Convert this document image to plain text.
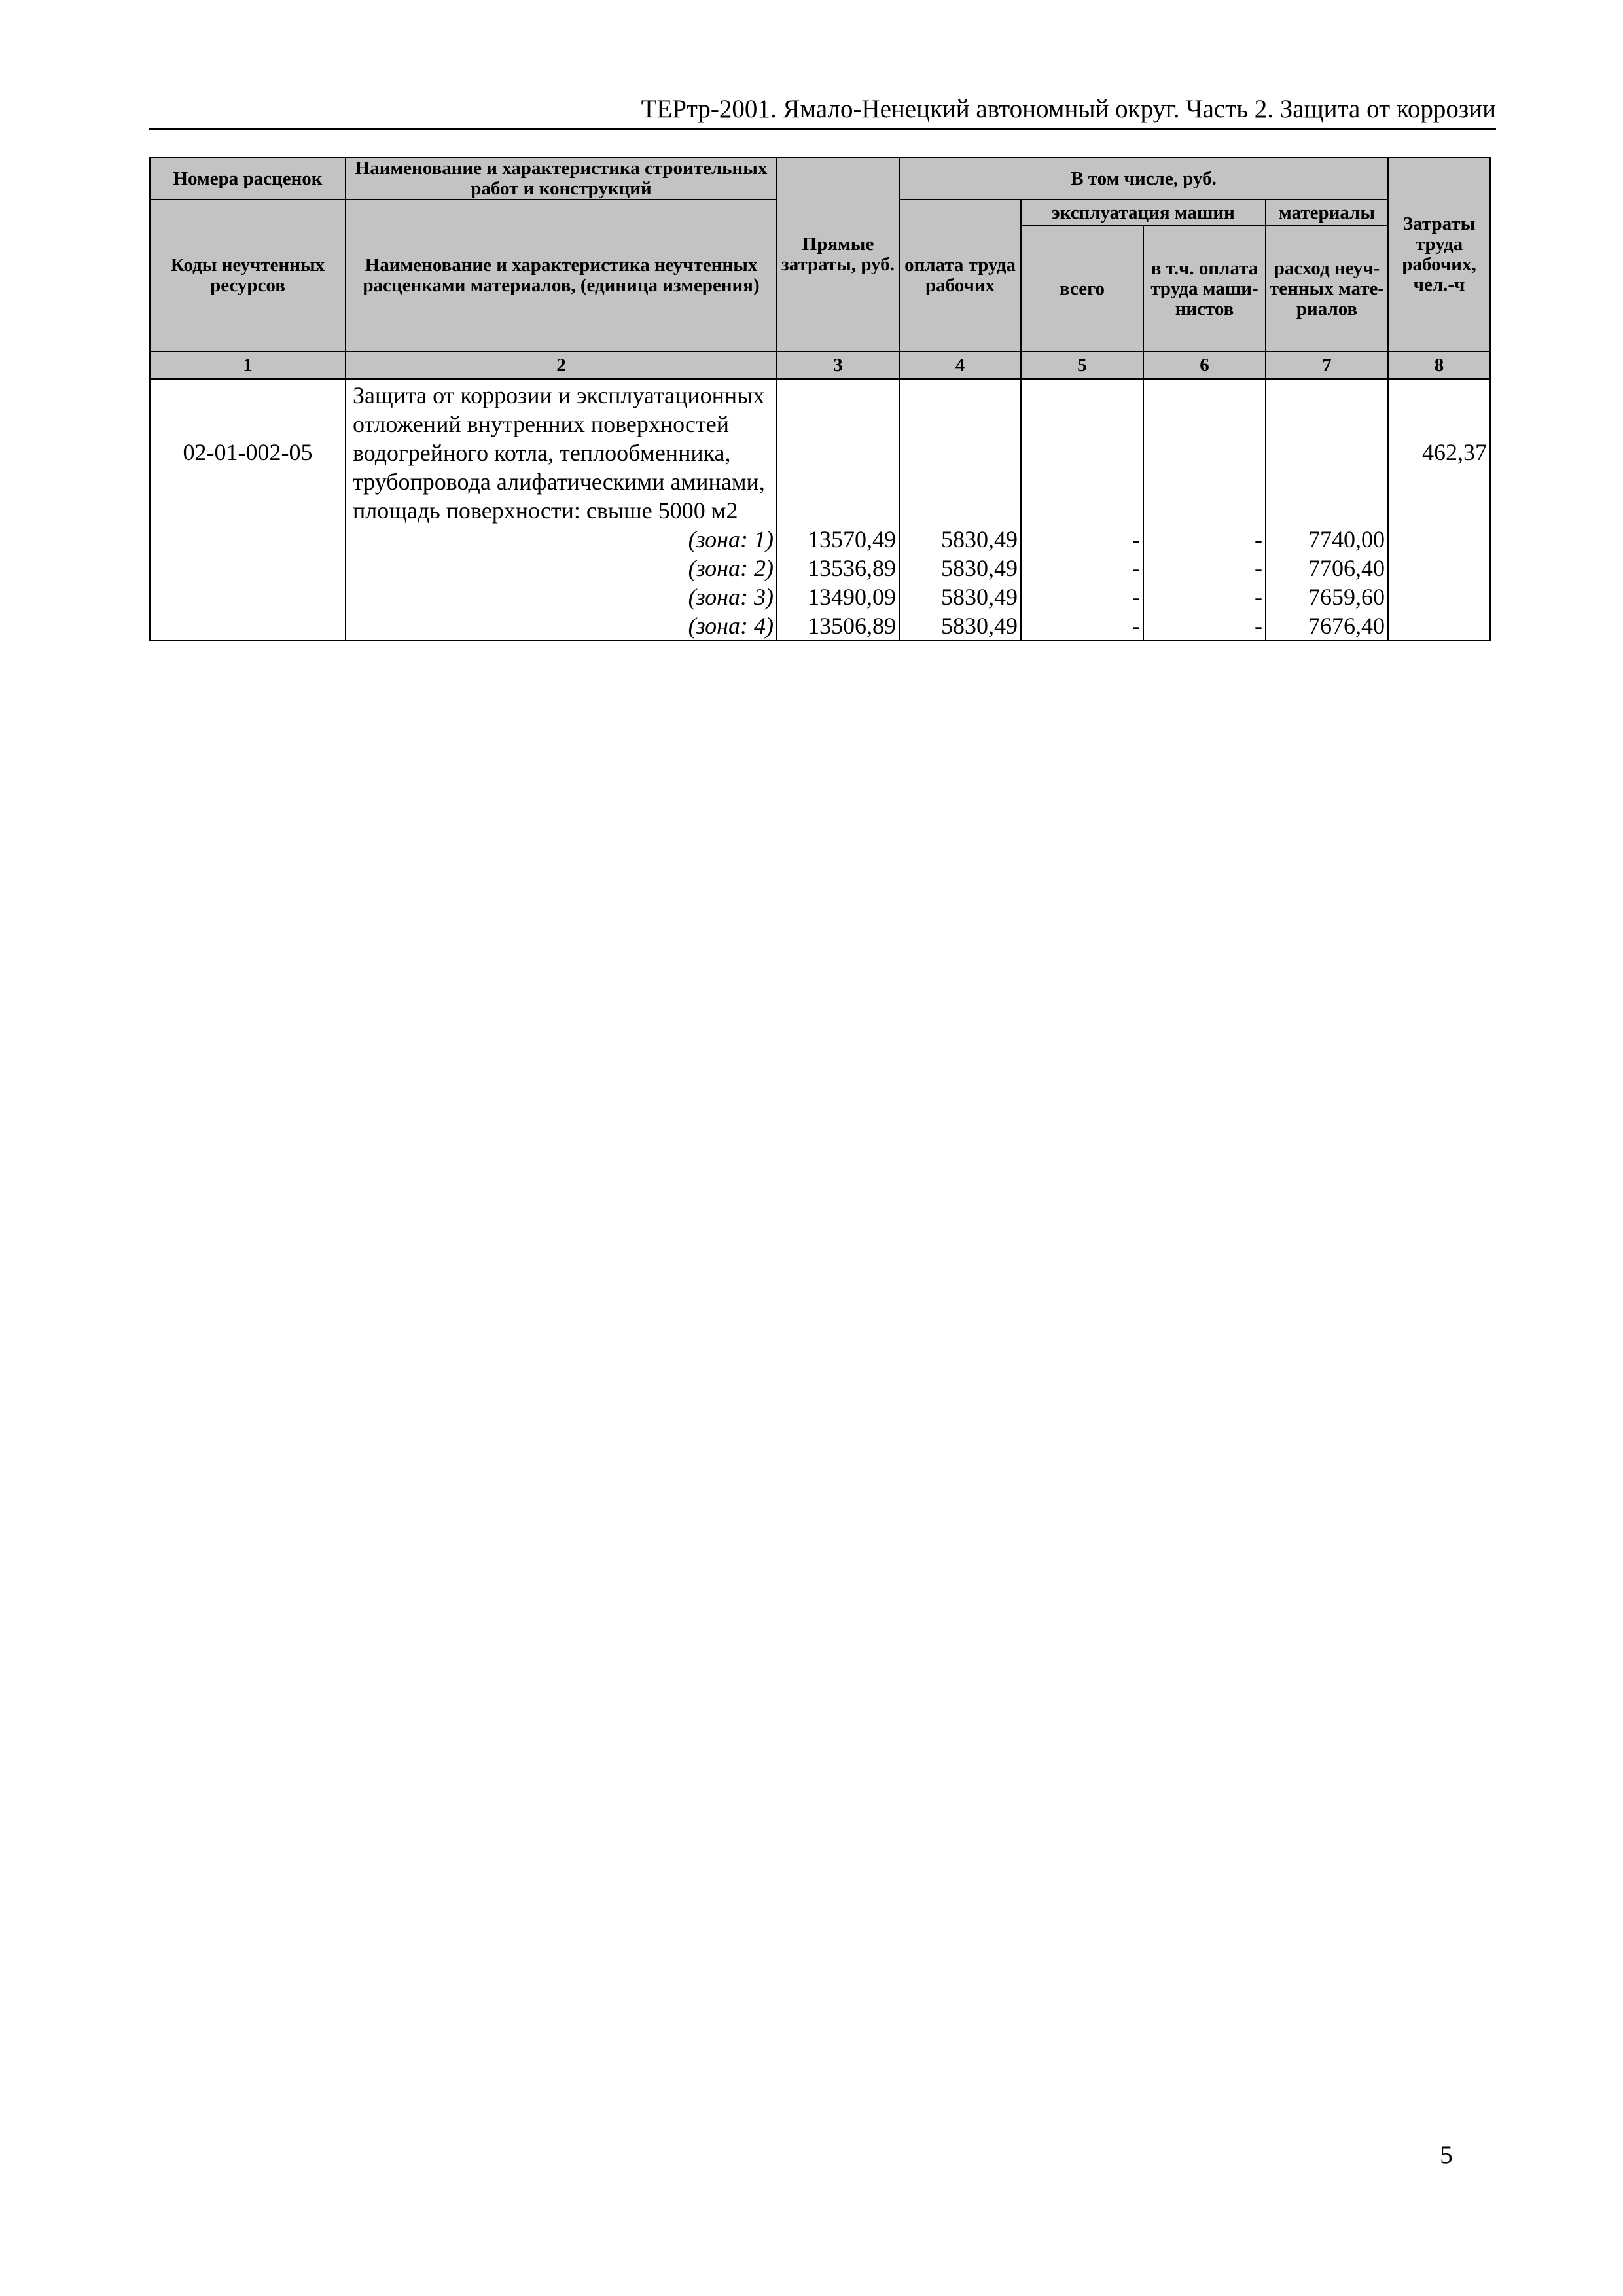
ТЕРтр-2001. Ямало-Ненецкий автономный округ. Часть 2. Защита от коррозии
Номера расценок	Наименование и характеристика строительных работ и конструкций	Прямые затраты, руб.	В том числе, руб.				Затраты труда рабочих, чел.-ч
Коды неучтенных ресурсов	Наименование и характеристика неучтенных расценками материалов, (единица измерения)		оплата труда рабочих	эксплуатация машин		материалы	
				всего	в т.ч. оплата труда маши-нистов	расход неуч-тенных мате-риалов	
1	2	3	4	5	6	7	8
02-01-002-05	Защита от коррозии и эксплуатационных отложений внутренних поверхностей водогрейного котла, теплообменника, трубопровода алифатическими аминами, площадь поверхности: свыше 5000 м2						462,37
	(зона: 1)	13570,49	5830,49	-	-	7740,00	
	(зона: 2)	13536,89	5830,49	-	-	7706,40	
	(зона: 3)	13490,09	5830,49	-	-	7659,60	
	(зона: 4)	13506,89	5830,49	-	-	7676,40	
5
